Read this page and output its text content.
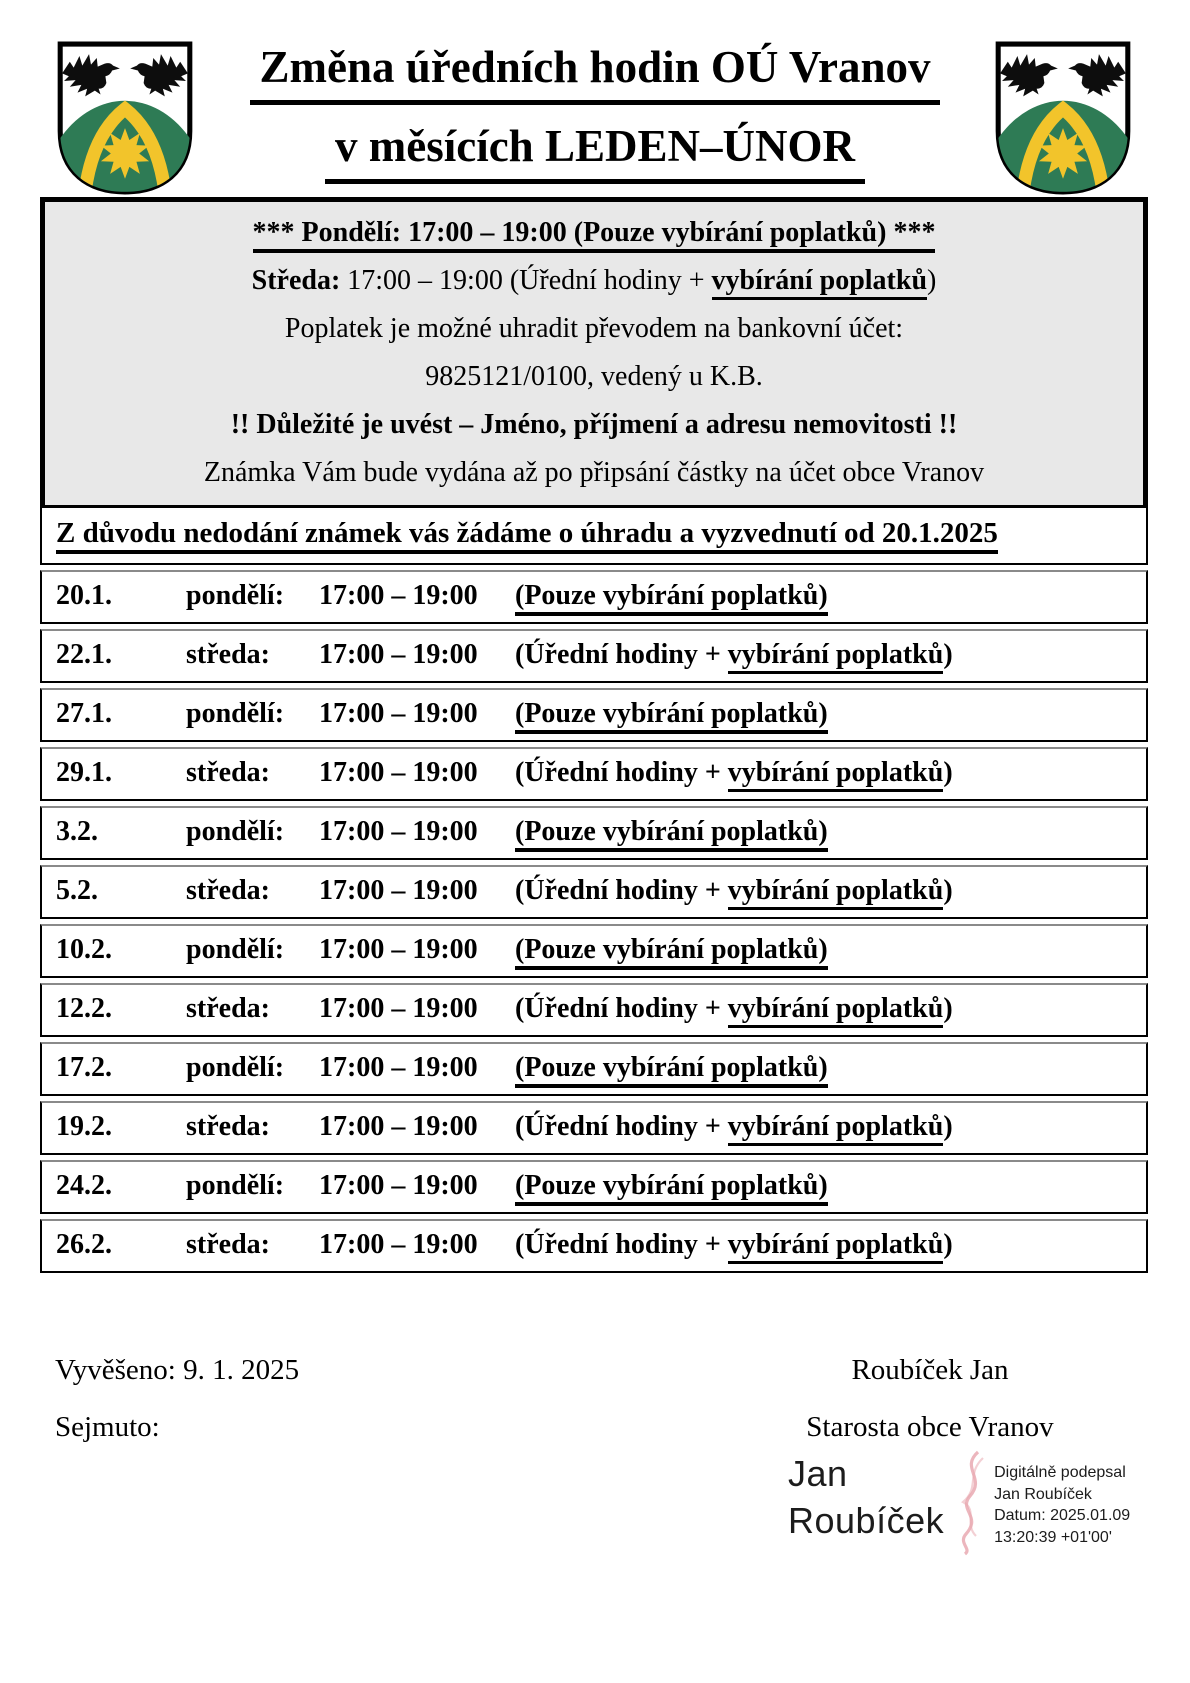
Změna úředních hodin OÚ Vranov
v měsících LEDEN–ÚNOR
*** Pondělí: 17:00 – 19:00 (Pouze vybírání poplatků) ***
Středa: 17:00 – 19:00 (Úřední hodiny + vybírání poplatků)
Poplatek je možné uhradit převodem na bankovní účet:
9825121/0100, vedený u K.B.
!! Důležité je uvést – Jméno, příjmení a adresu nemovitosti !!
Známka Vám bude vydána až po připsání částky na účet obce Vranov
Z důvodu nedodání známek vás žádáme o úhradu a vyzvednutí od 20.1.2025
20.1.	pondělí:	17:00 – 19:00	(Pouze vybírání poplatků)
22.1.	středa:	17:00 – 19:00	(Úřední hodiny + vybírání poplatků)
27.1.	pondělí:	17:00 – 19:00	(Pouze vybírání poplatků)
29.1.	středa:	17:00 – 19:00	(Úřední hodiny + vybírání poplatků)
3.2.	pondělí:	17:00 – 19:00	(Pouze vybírání poplatků)
5.2.	středa:	17:00 – 19:00	(Úřední hodiny + vybírání poplatků)
10.2.	pondělí:	17:00 – 19:00	(Pouze vybírání poplatků)
12.2.	středa:	17:00 – 19:00	(Úřední hodiny + vybírání poplatků)
17.2.	pondělí:	17:00 – 19:00	(Pouze vybírání poplatků)
19.2.	středa:	17:00 – 19:00	(Úřední hodiny + vybírání poplatků)
24.2.	pondělí:	17:00 – 19:00	(Pouze vybírání poplatků)
26.2.	středa:	17:00 – 19:00	(Úřední hodiny + vybírání poplatků)
Vyvěšeno: 9. 1. 2025
Sejmuto:
Roubíček Jan
Starosta obce Vranov
Jan
Roubíček
Digitálně podepsal
Jan Roubíček
Datum: 2025.01.09
13:20:39 +01'00'
